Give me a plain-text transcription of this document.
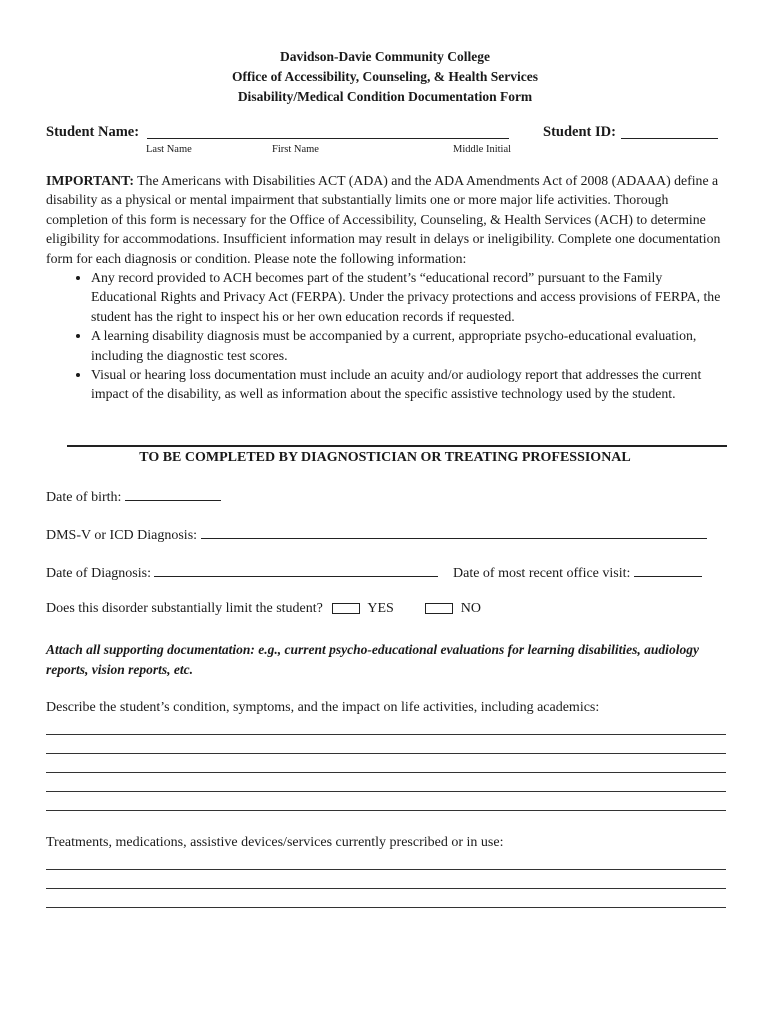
Davidson-Davie Community College
Office of Accessibility, Counseling, & Health Services
Disability/Medical Condition Documentation Form
Student Name:	Student ID:
Last Name	First Name	Middle Initial

IMPORTANT: The Americans with Disabilities ACT (ADA) and the ADA Amendments Act of 2008 (ADAAA) define a disability as a physical or mental impairment that substantially limits one or more major life activities. Thorough completion of this form is necessary for the Office of Accessibility, Counseling, & Health Services (ACH) to determine eligibility for accommodations. Insufficient information may result in delays or ineligibility. Complete one documentation form for each diagnosis or condition. Please note the following information:

• Any record provided to ACH becomes part of the student’s “educational record” pursuant to the Family Educational Rights and Privacy Act (FERPA). Under the privacy protections and access provisions of FERPA, the student has the right to inspect his or her own education records if requested.
• A learning disability diagnosis must be accompanied by a current, appropriate psycho-educational evaluation, including the diagnostic test scores.
• Visual or hearing loss documentation must include an acuity and/or audiology report that addresses the current impact of the disability, as well as information about the specific assistive technology used by the student.
TO BE COMPLETED BY DIAGNOSTICIAN OR TREATING PROFESSIONAL
Date of birth:
DMS-V or ICD Diagnosis:
Date of Diagnosis:	Date of most recent office visit:
Does this disorder substantially limit the student?	YES	NO
Attach all supporting documentation: e.g., current psycho-educational evaluations for learning disabilities, audiology reports, vision reports, etc.
Describe the student’s condition, symptoms, and the impact on life activities, including academics:
Treatments, medications, assistive devices/services currently prescribed or in use:
